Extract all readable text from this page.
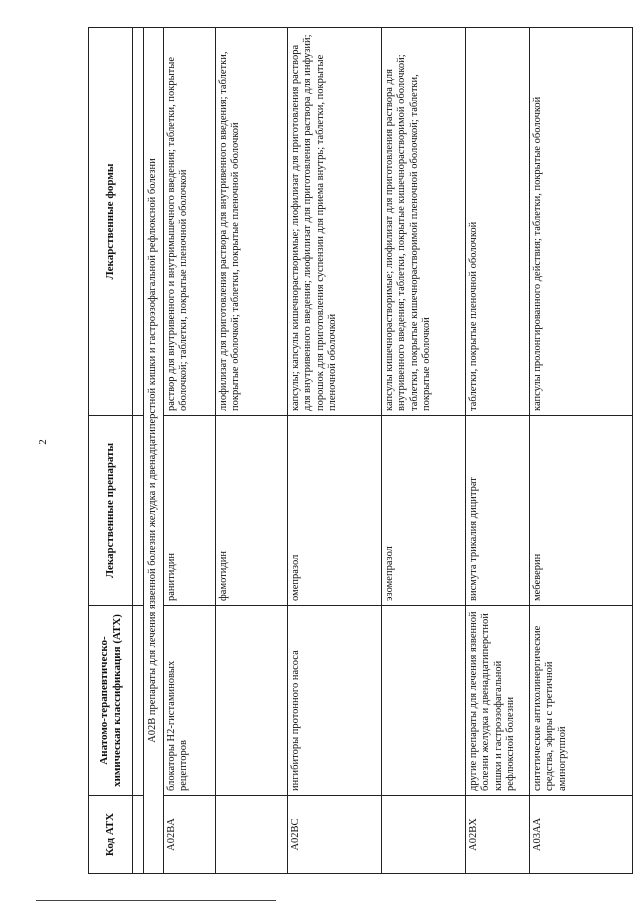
2
Код АТХ	Анатомо-терапевтическо-химическая классификация (АТХ)	Лекарственные препараты	Лекарственные формы

A02B препараты для лечения язвенной болезни желудка и двенадцатиперстной кишки и гастроэзофагальной рефлюксной болезни			
A02BA	блокаторы H2-гистаминовых рецепторов	ранитидин	раствор для внутривенного и внутримышечного введения; таблетки, покрытые оболочкой; таблетки, покрытые пленочной оболочкой
		фамотидин	лиофилизат для приготовления раствора для внутривенного введения; таблетки, покрытые оболочкой; таблетки, покрытые пленочной оболочкой
A02BC	ингибиторы протонного насоса	омепразол	капсулы; капсулы кишечнорастворимые; лиофилизат для приготовления раствора для внутривенного введения; лиофилизат для приготовления раствора для инфузий; порошок для приготовления суспензии для приема внутрь; таблетки, покрытые пленочной оболочкой
		эзомепразол	капсулы кишечнорастворимые; лиофилизат для приготовления раствора для внутривенного введения; таблетки, покрытые кишечнорастворимой оболочкой; таблетки, покрытые кишечнорастворимой пленочной оболочкой; таблетки, покрытые оболочкой
A02BX	другие препараты для лечения язвенной болезни желудка и двенадцатиперстной кишки и гастроэзофагальной рефлюксной болезни	висмута трикалия дицитрат	таблетки, покрытые пленочной оболочкой
A03AA	синтетические антихолинергические средства, эфиры с третичной аминогруппой	мебеверин	капсулы пролонгированного действия; таблетки, покрытые оболочкой
